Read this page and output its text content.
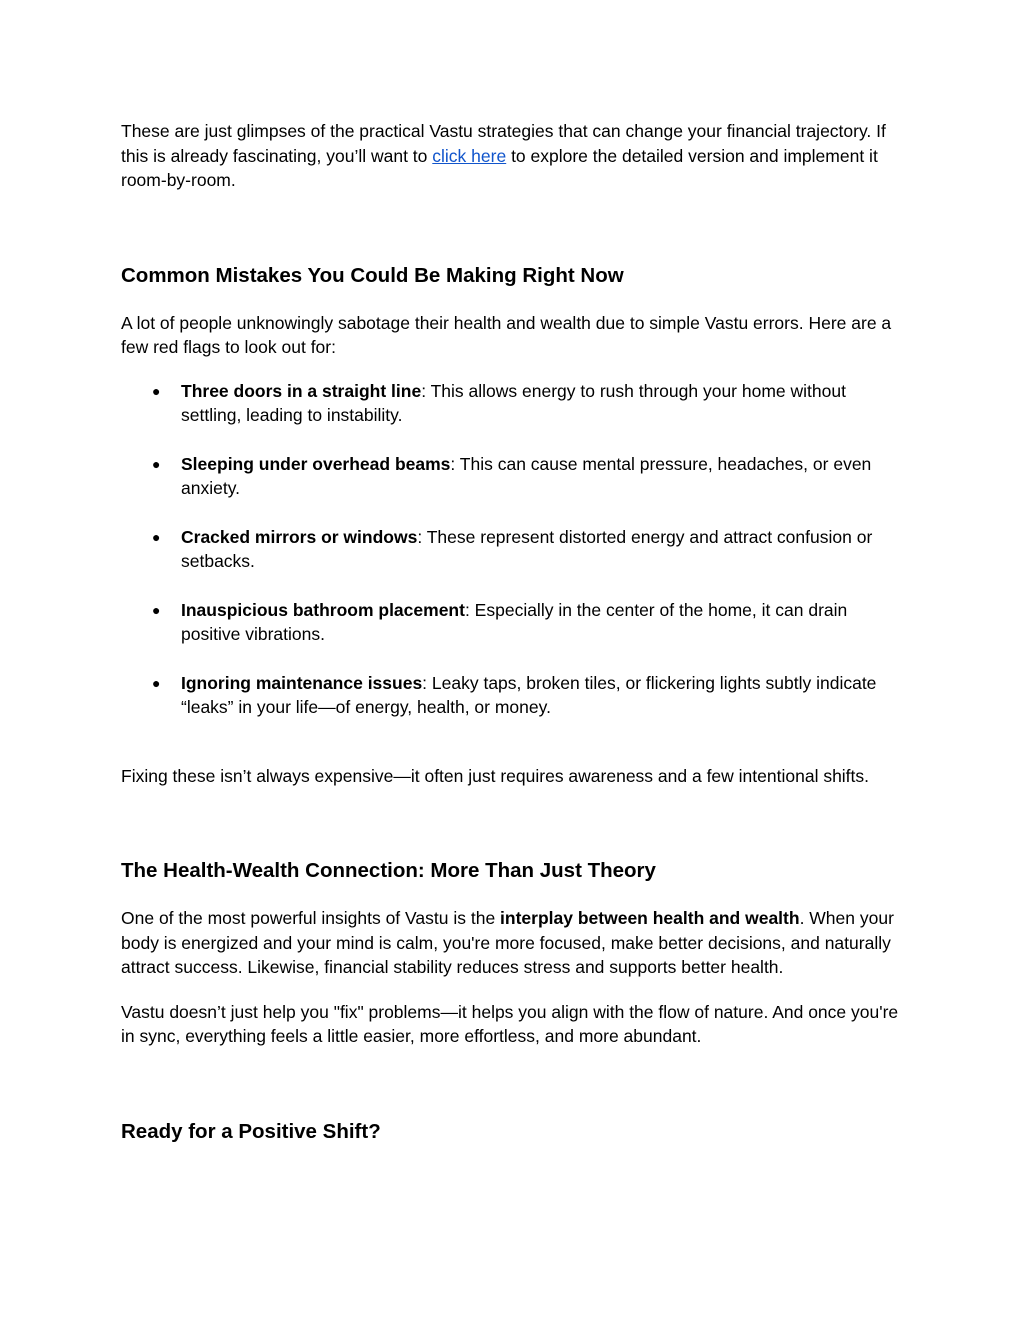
These are just glimpses of the practical Vastu strategies that can change your financial trajectory. If this is already fascinating, you’ll want to click here to explore the detailed version and implement it room-by-room.

Common Mistakes You Could Be Making Right Now

A lot of people unknowingly sabotage their health and wealth due to simple Vastu errors. Here are a few red flags to look out for:

● Three doors in a straight line: This allows energy to rush through your home without settling, leading to instability.
● Sleeping under overhead beams: This can cause mental pressure, headaches, or even anxiety.
● Cracked mirrors or windows: These represent distorted energy and attract confusion or setbacks.
● Inauspicious bathroom placement: Especially in the center of the home, it can drain positive vibrations.
● Ignoring maintenance issues: Leaky taps, broken tiles, or flickering lights subtly indicate “leaks” in your life—of energy, health, or money.

Fixing these isn’t always expensive—it often just requires awareness and a few intentional shifts.

The Health-Wealth Connection: More Than Just Theory

One of the most powerful insights of Vastu is the interplay between health and wealth. When your body is energized and your mind is calm, you're more focused, make better decisions, and naturally attract success. Likewise, financial stability reduces stress and supports better health.

Vastu doesn’t just help you "fix" problems—it helps you align with the flow of nature. And once you're in sync, everything feels a little easier, more effortless, and more abundant.

Ready for a Positive Shift?
